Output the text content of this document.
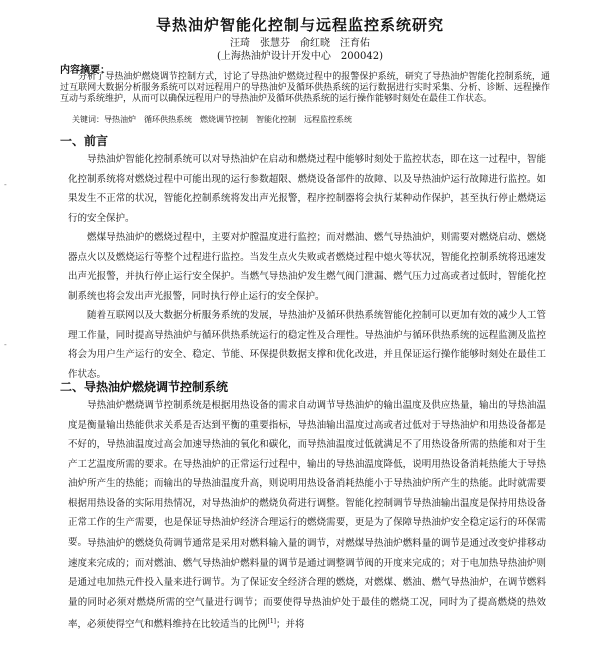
导热油炉智能化控制与远程监控系统研究
汪琦　张慧芬　俞红晓　汪育佑
(上海热油炉设计开发中心　200042)
内容摘要：
分析了导热油炉燃烧调节控制方式，讨论了导热油炉燃烧过程中的报警保护系统，研究了导热油炉智能化控制系统，通过互联网大数据分析服务系统可以对远程用户的导热油炉及循环供热系统的运行数据进行实时采集、分析、诊断、远程操作互动与系统维护，从而可以确保远程用户的导热油炉及循环供热系统的运行操作能够时刻处在最佳工作状态。
关键词：导热油炉　循环供热系统　燃烧调节控制　智能化控制　远程监控系统
一、前言
导热油炉智能化控制系统可以对导热油炉在启动和燃烧过程中能够时刻处于监控状态，即在这一过程中，智能化控制系统将对燃烧过程中可能出现的运行参数超限、燃烧设备部件的故障、以及导热油炉运行故障进行监控。如果发生不正常的状况，智能化控制系统将发出声光报警，程序控制器将会执行某种动作保护，甚至执行停止燃烧运行的安全保护。
燃煤导热油炉的燃烧过程中，主要对炉膛温度进行监控；而对燃油、燃气导热油炉，则需要对燃烧启动、燃烧器点火以及燃烧运行等整个过程进行监控。当发生点火失败或者燃烧过程中熄火等状况，智能化控制系统将迅速发出声光报警，并执行停止运行安全保护。当燃气导热油炉发生燃气阀门泄漏、燃气压力过高或者过低时，智能化控制系统也将会发出声光报警，同时执行停止运行的安全保护。
随着互联网以及大数据分析服务系统的发展，导热油炉及循环供热系统智能化控制可以更加有效的减少人工管理工作量，同时提高导热油炉与循环供热系统运行的稳定性及合理性。导热油炉与循环供热系统的远程监测及监控将会为用户生产运行的安全、稳定、节能、环保提供数据支撑和优化改进，并且保证运行操作能够时刻处在最佳工作状态。
二、导热油炉燃烧调节控制系统
导热油炉燃烧调节控制系统是根据用热设备的需求自动调节导热油炉的输出温度及供应热量，输出的导热油温度是衡量输出热能供求关系是否达到平衡的重要指标，导热油输出温度过高或者过低对于导热油炉和用热设备都是不好的，导热油温度过高会加速导热油的氧化和碳化，而导热油温度过低就满足不了用热设备所需的热能和对于生产工艺温度所需的要求。在导热油炉的正常运行过程中，输出的导热油温度降低，说明用热设备消耗热能大于导热油炉所产生的热能；而输出的导热油温度升高，则说明用热设备消耗热能小于导热油炉所产生的热能。此时就需要根据用热设备的实际用热情况，对导热油炉的燃烧负荷进行调整。智能化控制调节导热油输出温度是保持用热设备正常工作的生产需要，也是保证导热油炉经济合理运行的燃烧需要，更是为了保障导热油炉安全稳定运行的环保需要。 导热油炉的燃烧负荷调节通常是采用对燃料输入量的调节，对燃煤导热油炉燃料量的调节是通过改变炉排移动速度来完成的；而对燃油、燃气导热油炉燃料量的调节是通过调整调节阀的开度来完成的；对于电加热导热油炉则是通过电加热元件投入量来进行调节。为了保证安全经济合理的燃烧，对燃煤、燃油、燃气导热油炉，在调节燃料量的同时必须对燃烧所需的空气量进行调节；而要使得导热油炉处于最佳的燃烧工况，同时为了提高燃烧的热效率，必须使得空气和燃料维持在比较适当的比例[1]；并将
-
-
